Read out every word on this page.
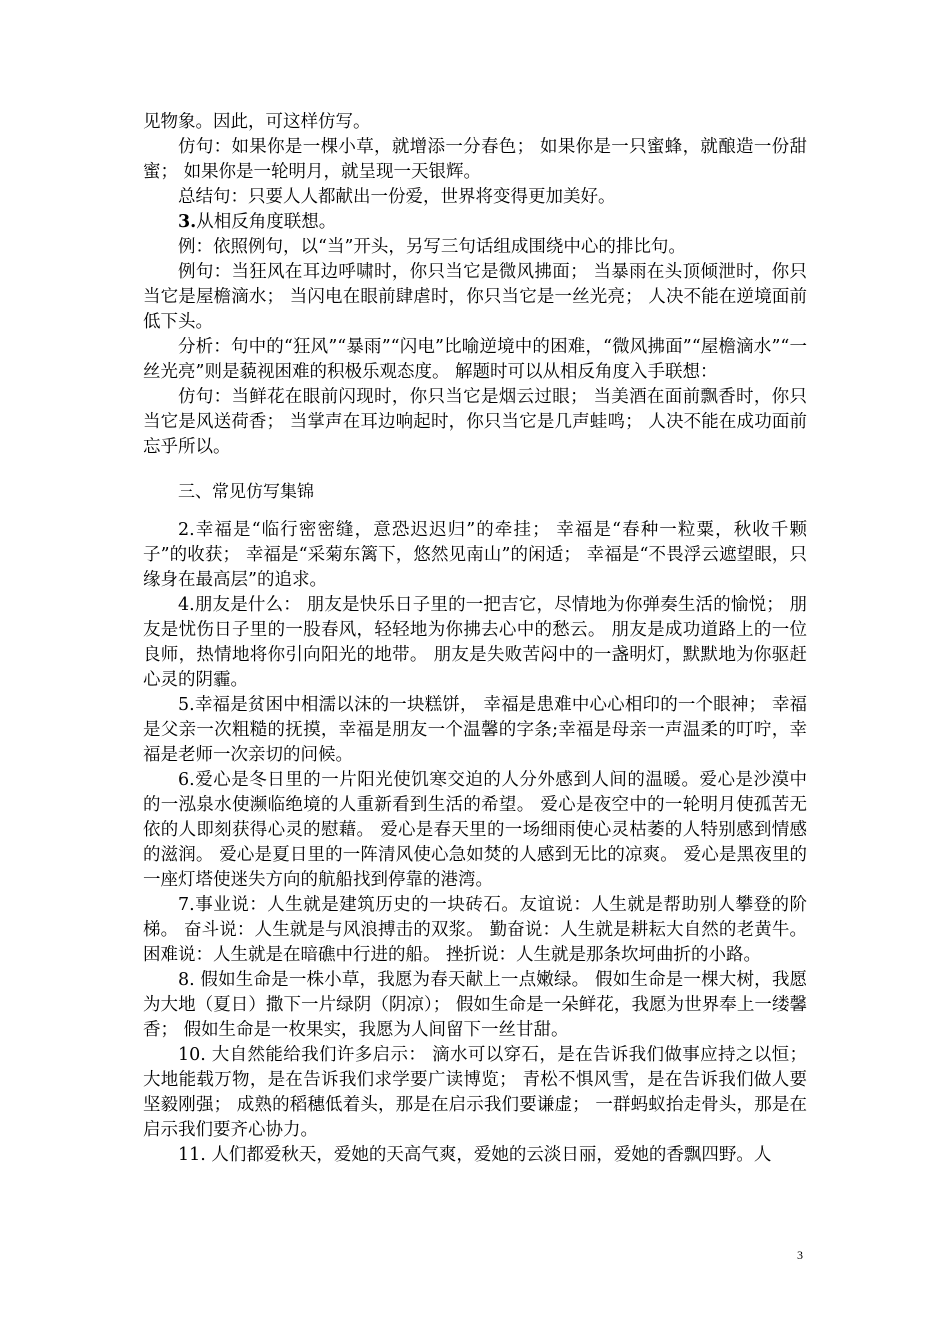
见物象。因此，可这样仿写。

仿句：如果你是一棵小草，就增添一分春色； 如果你是一只蜜蜂，就酿造一份甜蜜； 如果你是一轮明月，就呈现一天银辉。

总结句：只要人人都献出一份爱，世界将变得更加美好。

3.从相反角度联想。

例：依照例句，以“当”开头，另写三句话组成围绕中心的排比句。

例句：当狂风在耳边呼啸时，你只当它是微风拂面； 当暴雨在头顶倾泄时，你只当它是屋檐滴水； 当闪电在眼前肆虐时，你只当它是一丝光亮； 人决不能在逆境面前低下头。

分析：句中的“狂风”“暴雨”“闪电”比喻逆境中的困难，“微风拂面”“屋檐滴水”“一丝光亮”则是藐视困难的积极乐观态度。 解题时可以从相反角度入手联想：

仿句：当鲜花在眼前闪现时，你只当它是烟云过眼； 当美酒在面前飘香时，你只当它是风送荷香； 当掌声在耳边响起时，你只当它是几声蛙鸣； 人决不能在成功面前忘乎所以。

三、常见仿写集锦

2.幸福是“临行密密缝，意恐迟迟归”的牵挂； 幸福是“春种一粒粟，秋收千颗子”的收获； 幸福是“采菊东篱下，悠然见南山”的闲适； 幸福是“不畏浮云遮望眼，只缘身在最高层”的追求。

4.朋友是什么： 朋友是快乐日子里的一把吉它，尽情地为你弹奏生活的愉悦； 朋友是忧伤日子里的一股春风，轻轻地为你拂去心中的愁云。 朋友是成功道路上的一位良师，热情地将你引向阳光的地带。 朋友是失败苦闷中的一盏明灯，默默地为你驱赶心灵的阴霾。

5.幸福是贫困中相濡以沫的一块糕饼， 幸福是患难中心心相印的一个眼神； 幸福是父亲一次粗糙的抚摸，幸福是朋友一个温馨的字条;幸福是母亲一声温柔的叮咛，幸福是老师一次亲切的问候。

6.爱心是冬日里的一片阳光使饥寒交迫的人分外感到人间的温暖。爱心是沙漠中的一泓泉水使濒临绝境的人重新看到生活的希望。 爱心是夜空中的一轮明月使孤苦无依的人即刻获得心灵的慰藉。 爱心是春天里的一场细雨使心灵枯萎的人特别感到情感的滋润。 爱心是夏日里的一阵清风使心急如焚的人感到无比的凉爽。 爱心是黑夜里的一座灯塔使迷失方向的航船找到停靠的港湾。

7.事业说：人生就是建筑历史的一块砖石。友谊说：人生就是帮助别人攀登的阶梯。 奋斗说：人生就是与风浪搏击的双浆。 勤奋说：人生就是耕耘大自然的老黄牛。 困难说：人生就是在暗礁中行进的船。 挫折说：人生就是那条坎坷曲折的小路。

8. 假如生命是一株小草，我愿为春天献上一点嫩绿。 假如生命是一棵大树，我愿为大地（夏日）撒下一片绿阴（阴凉）； 假如生命是一朵鲜花，我愿为世界奉上一缕馨香； 假如生命是一枚果实，我愿为人间留下一丝甘甜。

10. 大自然能给我们许多启示： 滴水可以穿石，是在告诉我们做事应持之以恒； 大地能载万物，是在告诉我们求学要广读博览； 青松不惧风雪，是在告诉我们做人要坚毅刚强； 成熟的稻穗低着头，那是在启示我们要谦虚； 一群蚂蚁抬走骨头，那是在启示我们要齐心协力。

11. 人们都爱秋天，爱她的天高气爽，爱她的云淡日丽，爱她的香飘四野。人

3
